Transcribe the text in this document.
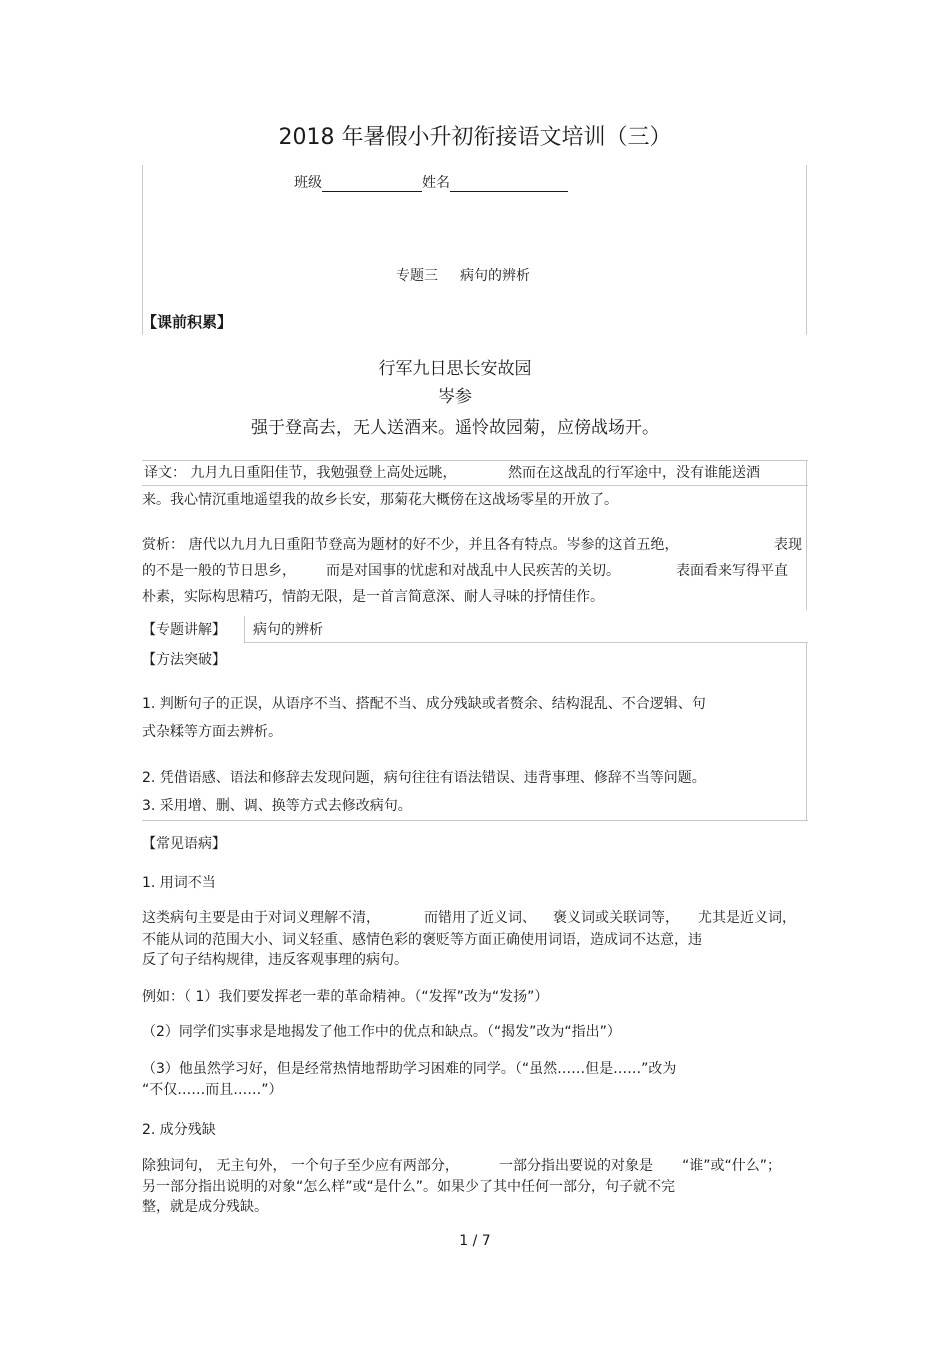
2018 年暑假小升初衔接语文培训（三）
班级	姓名
专题三 病句的辨析
【课前积累】
行军九日思长安故园
岑参
强于登高去，无人送酒来。遥怜故园菊，应傍战场开。
译文： 九月九日重阳佳节，我勉强登上高处远眺，	然而在这战乱的行军途中，没有谁能送酒
来。我心情沉重地遥望我的故乡长安，那菊花大概傍在这战场零星的开放了。
赏析： 唐代以九月九日重阳节登高为题材的好不少，并且各有特点。岑参的这首五绝，	表现
的不是一般的节日思乡， 而是对国事的忧虑和对战乱中人民疾苦的关切。	表面看来写得平直
朴素，实际构思精巧，情韵无限，是一首言简意深、耐人寻味的抒情佳作。
【专题讲解】 病句的辨析
【方法突破】
1. 判断句子的正误，从语序不当、搭配不当、成分残缺或者赘余、结构混乱、不合逻辑、句
式杂糅等方面去辨析。
2. 凭借语感、语法和修辞去发现问题，病句往往有语法错误、违背事理、修辞不当等问题。
3. 采用增、删、调、换等方式去修改病句。
【常见语病】
1. 用词不当
这类病句主要是由于对词义理解不清，	而错用了近义词、 褒义词或关联词等， 尤其是近义词，
不能从词的范围大小、词义轻重、感情色彩的褒贬等方面正确使用词语，造成词不达意，违
反了句子结构规律，违反客观事理的病句。
例如：（ 1）我们要发挥老一辈的革命精神。（“发挥”改为“发扬”）
（2）同学们实事求是地揭发了他工作中的优点和缺点。（“揭发”改为“指出”）
（3）他虽然学习好，但是经常热情地帮助学习困难的同学。（“虽然……但是……”改为
“不仅……而且……”）
2. 成分残缺
除独词句， 无主句外， 一个句子至少应有两部分，	一部分指出要说的对象是 “谁”或“什么”；
另一部分指出说明的对象“怎么样”或“是什么”。如果少了其中任何一部分，句子就不完
整，就是成分残缺。
1 / 7
